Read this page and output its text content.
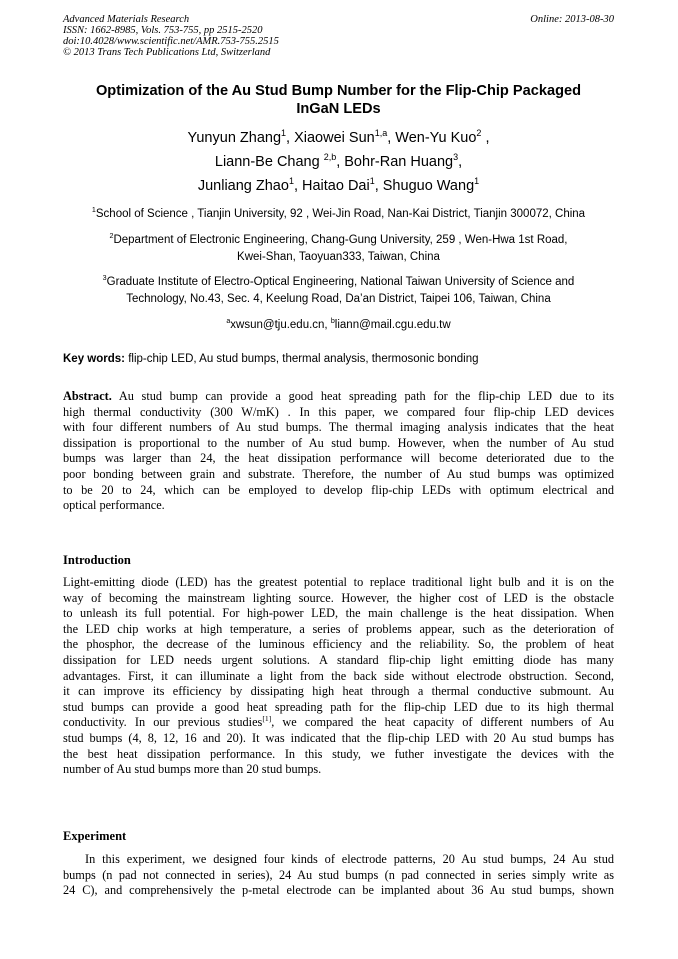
Advanced Materials Research
ISSN: 1662-8985, Vols. 753-755, pp 2515-2520
doi:10.4028/www.scientific.net/AMR.753-755.2515
© 2013 Trans Tech Publications Ltd, Switzerland
Online: 2013-08-30
Optimization of the Au Stud Bump Number for the Flip-Chip Packaged
InGaN LEDs
Yunyun Zhang$^1$, Xiaowei Sun$^{1,a}$, Wen-Yu Kuo$^2$ ,
Liann-Be Chang $^{2,b}$, Bohr-Ran Huang$^3$,
Junliang Zhao$^1$, Haitao Dai$^1$, Shuguo Wang$^1$
$^1$School of Science , Tianjin University, 92 , Wei-Jin Road, Nan-Kai District, Tianjin 300072, China
$^2$Department of Electronic Engineering, Chang-Gung University, 259 , Wen-Hwa 1st Road,
Kwei-Shan, Taoyuan333, Taiwan, China
$^3$Graduate Institute of Electro-Optical Engineering, National Taiwan University of Science and
Technology, No.43, Sec. 4, Keelung Road, Da’an District, Taipei 106, Taiwan, China
$^a$xwsun@tju.edu.cn, $^b$liann@mail.cgu.edu.tw
Key words: flip-chip LED, Au stud bumps, thermal analysis, thermosonic bonding
Abstract. Au stud bump can provide a good heat spreading path for the flip-chip LED due to its
high thermal conductivity (300 W/mK) . In this paper, we compared four flip-chip LED devices
with four different numbers of Au stud bumps. The thermal imaging analysis indicates that the heat
dissipation is proportional to the number of Au stud bump. However, when the number of Au stud
bumps was larger than 24, the heat dissipation performance will become deteriorated due to the
poor bonding between grain and substrate. Therefore, the number of Au stud bumps was optimized
to be 20 to 24, which can be employed to develop flip-chip LEDs with optimum electrical and
optical performance.
Introduction
Light-emitting diode (LED) has the greatest potential to replace traditional light bulb and it is on the
way of becoming the mainstream lighting source. However, the higher cost of LED is the obstacle
to unleash its full potential. For high-power LED, the main challenge is the heat dissipation. When
the LED chip works at high temperature, a series of problems appear, such as the deterioration of
the phosphor, the decrease of the luminous efficiency and the reliability. So, the problem of heat
dissipation for LED needs urgent solutions. A standard flip-chip light emitting diode has many
advantages. First, it can illuminate a light from the back side without electrode obstruction. Second,
it can improve its efficiency by dissipating high heat through a thermal conductive submount. Au
stud bumps can provide a good heat spreading path for the flip-chip LED due to its high thermal
conductivity. In our previous studies[1], we compared the heat capacity of different numbers of Au
stud bumps (4, 8, 12, 16 and 20). It was indicated that the flip-chip LED with 20 Au stud bumps has
the best heat dissipation performance. In this study, we futher investigate the devices with the
number of Au stud bumps more than 20 stud bumps.
Experiment
In this experiment, we designed four kinds of electrode patterns, 20 Au stud bumps, 24 Au stud
bumps (n pad not connected in series), 24 Au stud bumps (n pad connected in series simply write as
24 C), and comprehensively the p-metal electrode can be implanted about 36 Au stud bumps, shown
